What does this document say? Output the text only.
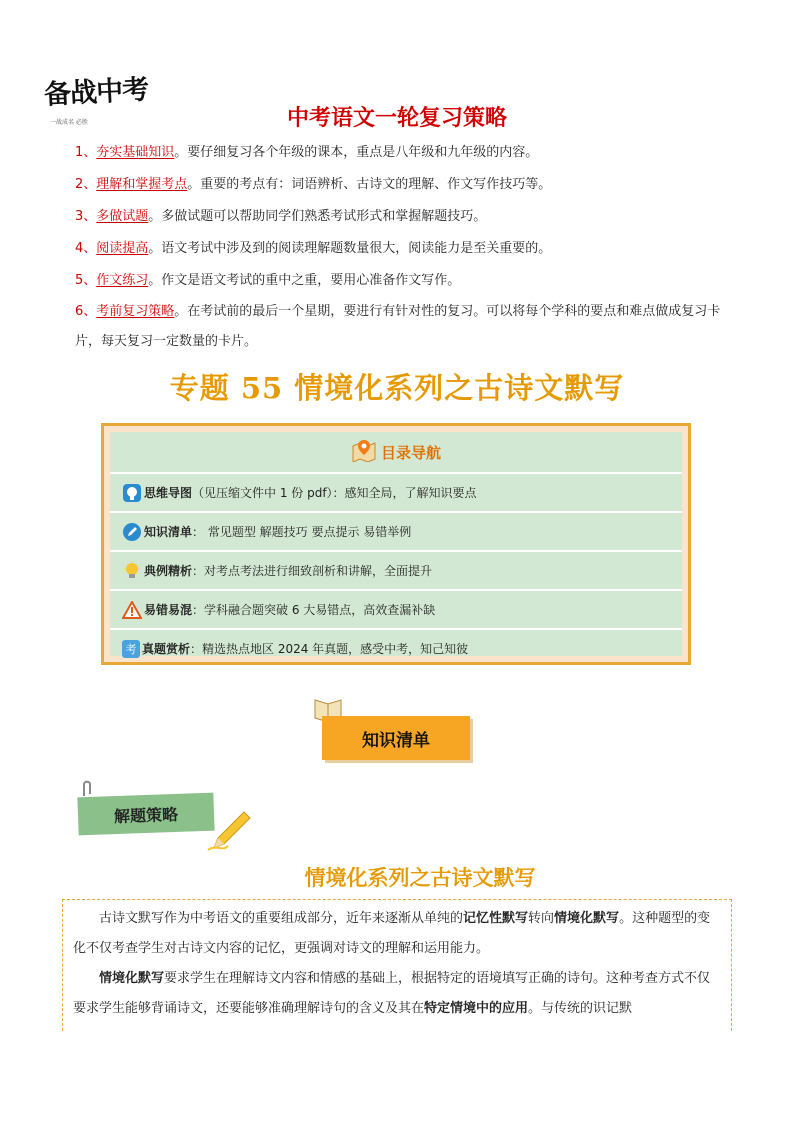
备战中考
一战成名 必胜	中考语文一轮复习策略
1、夯实基础知识。要仔细复习各个年级的课本，重点是八年级和九年级的内容。
2、理解和掌握考点。重要的考点有：词语辨析、古诗文的理解、作文写作技巧等。
3、多做试题。多做试题可以帮助同学们熟悉考试形式和掌握解题技巧。
4、阅读提高。语文考试中涉及到的阅读理解题数量很大，阅读能力是至关重要的。
5、作文练习。作文是语文考试的重中之重，要用心准备作文写作。
6、考前复习策略。在考试前的最后一个星期，要进行有针对性的复习。可以将每个学科的要点和难点做成复习卡片，每天复习一定数量的卡片。
专题 55 情境化系列之古诗文默写
目录导航
思维导图 （见压缩文件中 1 份 pdf）：感知全局，了解知识要点
知识清单 ： 常见题型 解题技巧 要点提示 易错举例
典例精析 ：对考点考法进行细致剖析和讲解，全面提升
易错易混 ：学科融合题突破 6 大易错点，高效查漏补缺
考 真题赏析 ：精选热点地区 2024 年真题，感受中考，知己知彼
知识清单
解题策略
情境化系列之古诗文默写

古诗文默写作为中考语文的重要组成部分，近年来逐渐从单纯的记忆性默写转向情境化默写。这种题型的变化不仅考查学生对古诗文内容的记忆，更强调对诗文的理解和运用能力。

情境化默写要求学生在理解诗文内容和情感的基础上，根据特定的语境填写正确的诗句。这种考查方式不仅要求学生能够背诵诗文，还要能够准确理解诗句的含义及其在特定情境中的应用。与传统的识记默
